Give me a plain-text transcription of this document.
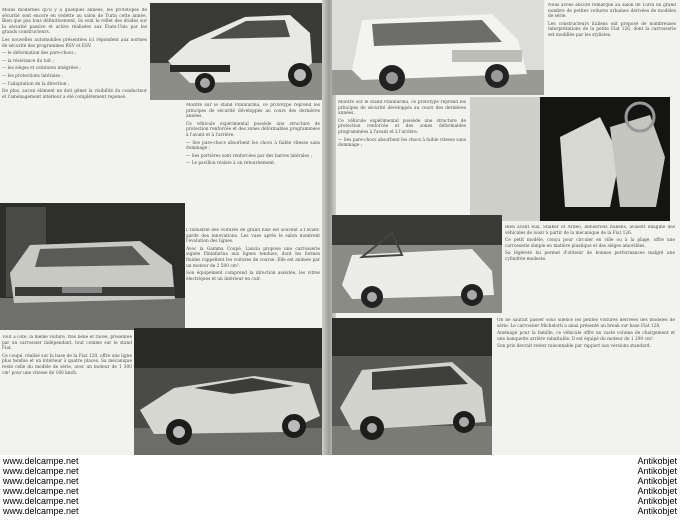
Moins modernes qu'il y a quelques années, les prototopes de sécurité sont encore en vedette au salon de Turin cette année. Bien que pas tous définitivement, ils sont le reflet des études sur la sécurité passive et active réalisées aux États-Unis par les grands constructeurs.

Les nouvelles automobiles présentées ici répondent aux normes de sécurité des programmes RSV et ESV.

— le déformation des pare-chocs ;

— la résistance du toit ;

— les sièges et ceintures intégrées ;

— les protections latérales ;

— l'adaptation de la direction ;

De plus, aucun élément ne doit gêner la visibilité du conducteur et l'aménagement intérieur a été complètement repensé.

Montré sur le stand Pininfarina, ce prototype reprend les principes de sécurité développés au cours des dernières années.

Ce véhicule expérimental possède une structure de protection renforcée et des zones déformables programmées à l'avant et à l'arrière.

— Ses pare-chocs absorbent les chocs à faible vitesse sans dommage ;

— Ses portières sont renforcées par des barres latérales ;

— Le pavillon résiste à un retournement.

L'industrie des voitures de grand luxe est souvent à l'avant-garde des innovations. Les vues après le salon montrent l'évolution des lignes.

Avec la Gamma Coupé, Lancia propose une carrosserie signée Pininfarina aux lignes tendues, dont les formes fluides rappellent les voitures de course. Elle est animée par un moteur de 2 500 cm³.

Son équipement comprend la direction assistée, les vitres électriques et un intérieur en cuir.

Tout à côté, la même voiture, très belle et racée, présentée par un carrossier indépendant, tout comme sur le stand Fiat.

Ce coupé, réalisé sur la base de la Fiat 128, offre une ligne plus tendue et un intérieur à quatre places. Sa mécanique reste celle du modèle de série, avec un moteur de 1 300 cm³ pour une vitesse de 160 km/h.

Nous avons encore remarqué au salon de Turin un grand nombre de petites voitures urbaines dérivées de modèles de série.

Les constructeurs italiens ont proposé de nombreuses interprétations de la petite Fiat 126, dont la carrosserie est modifiée par les stylistes.

Montré sur le stand Pininfarina, ce prototype reprend les principes de sécurité développés au cours des dernières années.

Ce véhicule expérimental possède une structure de protection renforcée et des zones déformables programmées à l'avant et à l'arrière.

— Ses pare-chocs absorbent les chocs à faible vitesse sans dommage ;

Bien avant eux, Stalker et Ardeo, industriels italiens, avaient imaginé des véhicules de loisir à partir de la mécanique de la Fiat 126.

Ce petit modèle, conçu pour circuler en ville ou à la plage, offre une carrosserie simple en matière plastique et des sièges amovibles.

Sa légèreté lui permet d'obtenir de bonnes performances malgré une cylindrée modeste.

On ne saurait passer sous silence les petites voitures dérivées des modèles de série. Le carrossier Michelotti a ainsi présenté un break sur base Fiat 128.

Aménagé pour la famille, ce véhicule offre un vaste volume de chargement et une banquette arrière rabattable. Il est équipé du moteur de 1 290 cm³.

Son prix devrait rester raisonnable par rapport aux versions standard.

www.delcampe.net
www.delcampe.net
www.delcampe.net
www.delcampe.net
www.delcampe.net
www.delcampe.net
Antikobjet
Antikobjet
Antikobjet
Antikobjet
Antikobjet
Antikobjet
